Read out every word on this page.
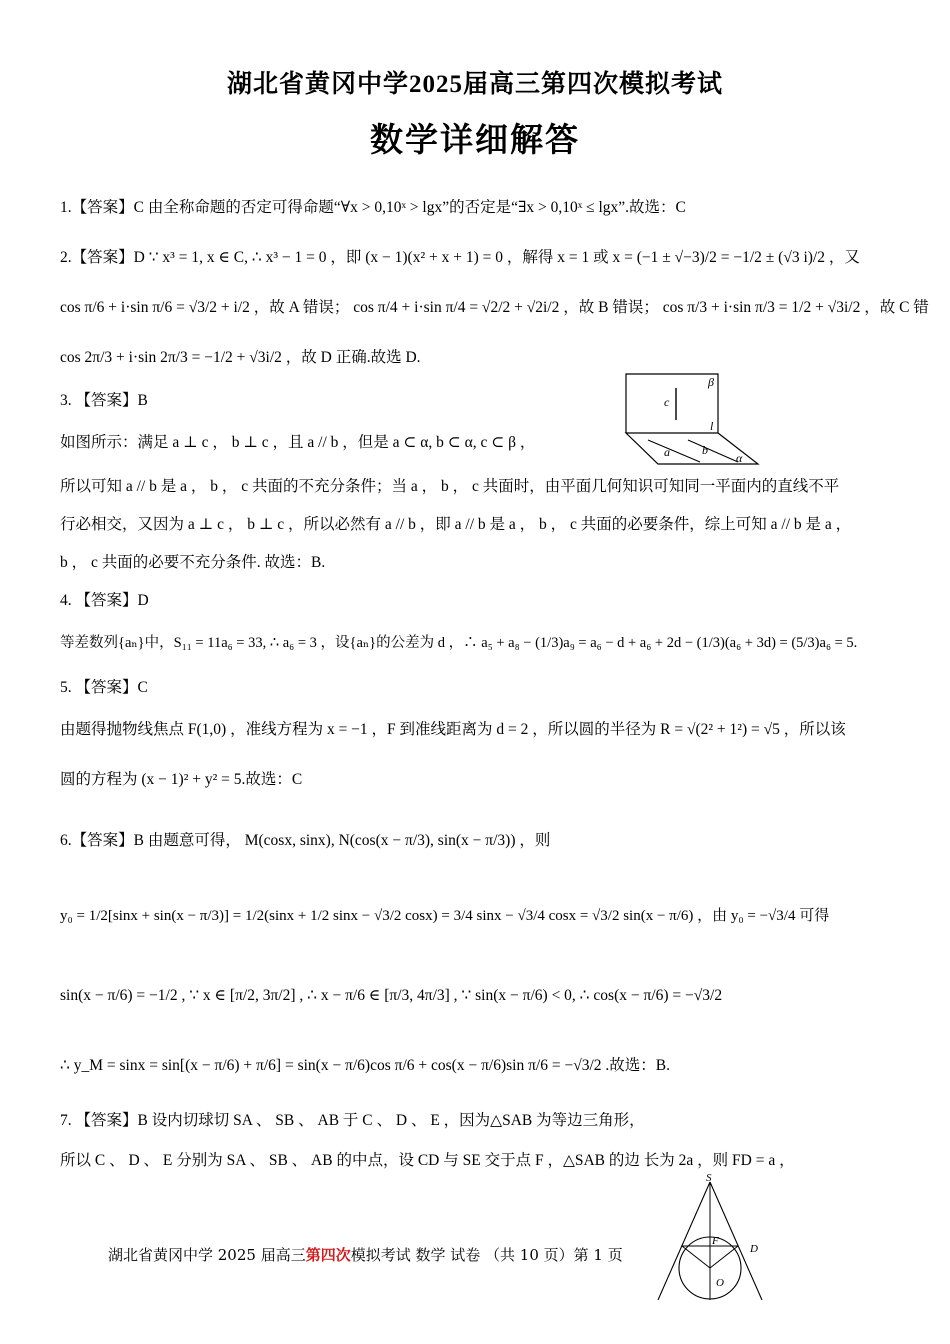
湖北省黄冈中学2025届高三第四次模拟考试
数学详细解答
1.【答案】C 由全称命题的否定可得命题“∀x > 0,10ˣ > lgx”的否定是“∃x > 0,10ˣ ≤ lgx”.故选：C
2.【答案】D ∵ x³ = 1, x ∈ C, ∴ x³ − 1 = 0 ，即 (x − 1)(x² + x + 1) = 0 ，解得 x = 1 或 x = (−1 ± √−3)/2 = −1/2 ± (√3 i)/2 ，又
cos π/6 + i·sin π/6 = √3/2 + i/2 ，故 A 错误； cos π/4 + i·sin π/4 = √2/2 + √2i/2 ，故 B 错误； cos π/3 + i·sin π/3 = 1/2 + √3i/2 ，故 C 错
cos 2π/3 + i·sin 2π/3 = −1/2 + √3i/2 ，故 D 正确.故选 D.
3. 【答案】B
如图所示：满足 a ⊥ c ， b ⊥ c ，且 a // b ，但是 a ⊂ α, b ⊂ α, c ⊂ β ，
c
β
l
a	b
α
所以可知 a // b 是 a ， b ， c 共面的不充分条件；当 a ， b ， c 共面时，由平面几何知识可知同一平面内的直线不平
行必相交，又因为 a ⊥ c ， b ⊥ c ，所以必然有 a // b ，即 a // b 是 a ， b ， c 共面的必要条件，综上可知 a // b 是 a ，
b ， c 共面的必要不充分条件. 故选：B.
4. 【答案】D
等差数列{aₙ}中，S₁₁ = 11a₆ = 33, ∴ a₆ = 3 ，设{aₙ}的公差为 d ，∴ a₅ + a₈ − (1/3)a₉ = a₆ − d + a₆ + 2d − (1/3)(a₆ + 3d) = (5/3)a₆ = 5.
5. 【答案】C
由题得抛物线焦点 F(1,0) ，准线方程为 x = −1 ，F 到准线距离为 d = 2 ，所以圆的半径为 R = √(2² + 1²) = √5 ，所以该
圆的方程为 (x − 1)² + y² = 5.故选：C
6.【答案】B 由题意可得， M(cosx, sinx), N(cos(x − π/3), sin(x − π/3)) ，则
y₀ = 1/2[sinx + sin(x − π/3)] = 1/2(sinx + 1/2 sinx − √3/2 cosx) = 3/4 sinx − √3/4 cosx = √3/2 sin(x − π/6) ，由 y₀ = −√3/4 可得
sin(x − π/6) = −1/2 , ∵ x ∈ [π/2, 3π/2] , ∴ x − π/6 ∈ [π/3, 4π/3] , ∵ sin(x − π/6) < 0, ∴ cos(x − π/6) = −√3/2
∴ y_M = sinx = sin[(x − π/6) + π/6] = sin(x − π/6)cos π/6 + cos(x − π/6)sin π/6 = −√3/2 .故选：B.
7. 【答案】B 设内切球切 SA 、 SB 、 AB 于 C 、 D 、 E ，因为△SAB 为等边三角形，
所以 C 、 D 、 E 分别为 SA 、 SB 、 AB 的中点，设 CD 与 SE 交于点 F ，△SAB 的边 长为 2a ，则 FD = a ，
S
F
D
O
湖北省黄冈中学 2025 届高三第四次模拟考试 数学 试卷 （共 10 页）第 1 页
